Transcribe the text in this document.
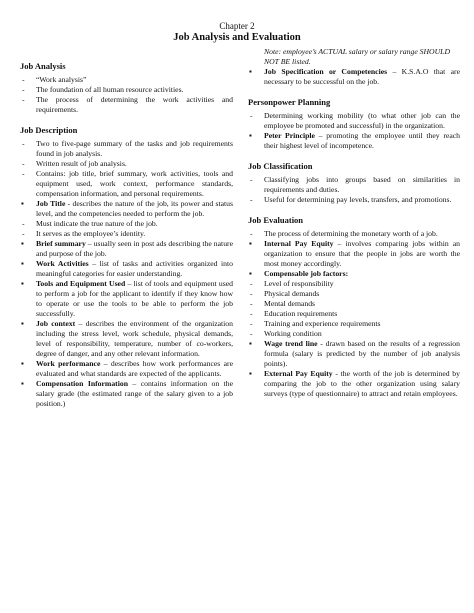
Chapter 2
Job Analysis and Evaluation
Job Analysis
- “Work analysis”
- The foundation of all human resource activities.
- The process of determining the work activities and requirements.
Job Description
- Two to five-page summary of the tasks and job requirements found in job analysis.
- Written result of job analysis.
- Contains: job title, brief summary, work activities, tools and equipment used, work context, performance standards, compensation information, and personal requirements.
▪ Job Title - describes the nature of the job, its power and status level, and the competencies needed to perform the job.
- Must indicate the true nature of the job.
- It serves as the employee’s identity.
▪ Brief summary – usually seen in post ads describing the nature and purpose of the job.
▪ Work Activities – list of tasks and activities organized into meaningful categories for easier understanding.
▪ Tools and Equipment Used – list of tools and equipment used to perform a job for the applicant to identify if they know how to operate or use the tools to be able to perform the job successfully.
▪ Job context – describes the environment of the organization including the stress level, work schedule, physical demands, level of responsibility, temperature, number of co-workers, degree of danger, and any other relevant information.
▪ Work performance – describes how work performances are evaluated and what standards are expected of the applicants.
▪ Compensation Information – contains information on the salary grade (the estimated range of the salary given to a job position.)
Note: employee’s ACTUAL salary or salary range SHOULD NOT BE listed.
▪ Job Specification or Competencies – K.S.A.O that are necessary to be successful on the job.
Personpower Planning
- Determining working mobility (to what other job can the employee be promoted and successful) in the organization.
▪ Peter Principle – promoting the employee until they reach their highest level of incompetence.
Job Classification
- Classifying jobs into groups based on similarities in requirements and duties.
- Useful for determining pay levels, transfers, and promotions.
Job Evaluation
- The process of determining the monetary worth of a job.
▪ Internal Pay Equity – involves comparing jobs within an organization to ensure that the people in jobs are worth the most money accordingly.
▪ Compensable job factors:
- Level of responsibility
- Physical demands
- Mental demands
- Education requirements
- Training and experience requirements
- Working condition
▪ Wage trend line - drawn based on the results of a regression formula (salary is predicted by the number of job analysis points).
▪ External Pay Equity - the worth of the job is determined by comparing the job to the other organization using salary surveys (type of questionnaire) to attract and retain employees.
